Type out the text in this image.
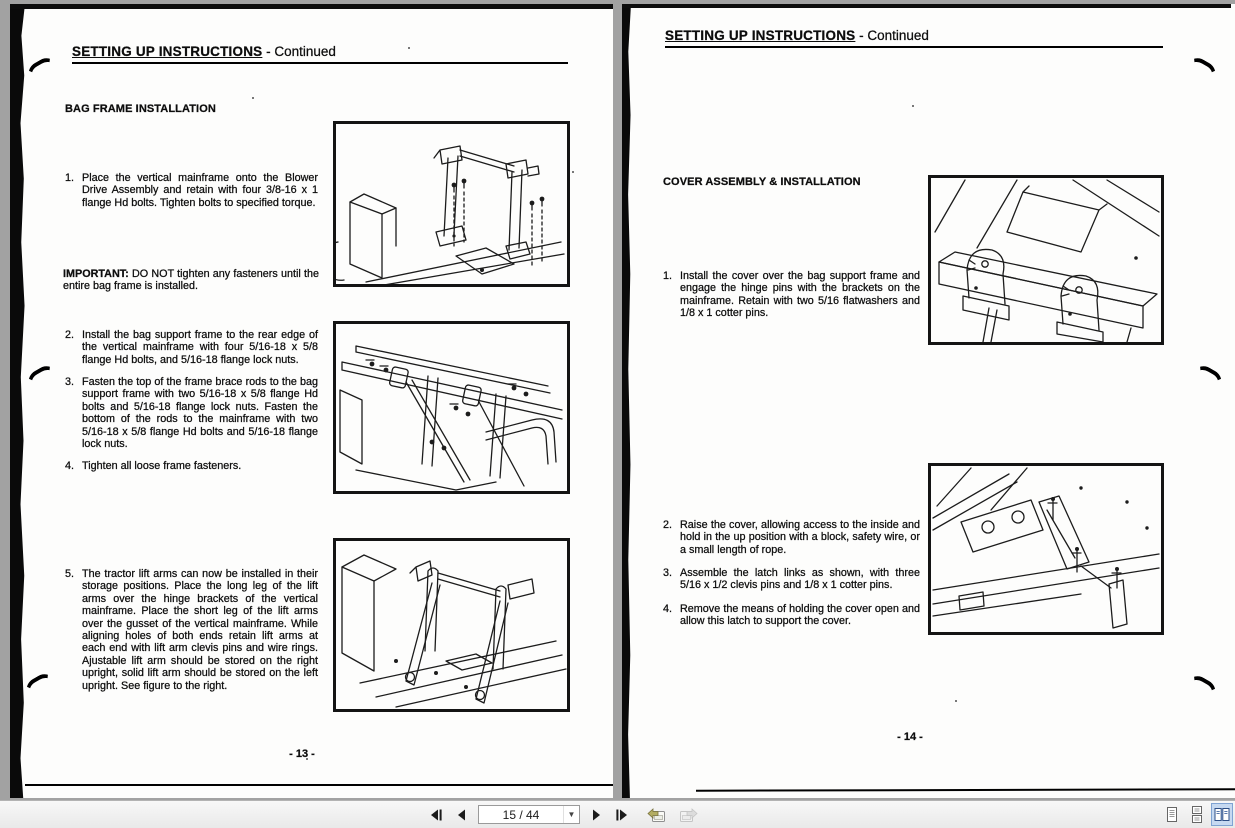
SETTING UP INSTRUCTIONS - Continued
BAG FRAME INSTALLATION
1. Place the vertical mainframe onto the Blower Drive Assembly and retain with four 3/8-16 x 1 flange Hd bolts. Tighten bolts to specified torque.
IMPORTANT: DO NOT tighten any fasteners until the entire bag frame is installed.
2. Install the bag support frame to the rear edge of the vertical mainframe with four 5/16-18 x 5/8 flange Hd bolts, and 5/16-18 flange lock nuts.
3. Fasten the top of the frame brace rods to the bag support frame with two 5/16-18 x 5/8 flange Hd bolts and 5/16-18 flange lock nuts. Fasten the bottom of the rods to the mainframe with two 5/16-18 x 5/8 flange Hd bolts and 5/16-18 flange lock nuts.
4. Tighten all loose frame fasteners.
5. The tractor lift arms can now be installed in their storage positions. Place the long leg of the lift arms over the hinge brackets of the vertical mainframe. Place the short leg of the lift arms over the gusset of the vertical mainframe. While aligning holes of both ends retain lift arms at each end with lift arm clevis pins and wire rings. Ajustable lift arm should be stored on the right upright, solid lift arm should be stored on the left upright. See figure to the right.
- 13 -
SETTING UP INSTRUCTIONS - Continued
COVER ASSEMBLY & INSTALLATION
1. Install the cover over the bag support frame and engage the hinge pins with the brackets on the mainframe. Retain with two 5/16 flatwashers and 1/8 x 1 cotter pins.
2. Raise the cover, allowing access to the inside and hold in the up position with a block, safety wire, or a small length of rope.
3. Assemble the latch links as shown, with three 5/16 x 1/2 clevis pins and 1/8 x 1 cotter pins.
4. Remove the means of holding the cover open and allow this latch to support the cover.
- 14 -
15 / 44
▼
